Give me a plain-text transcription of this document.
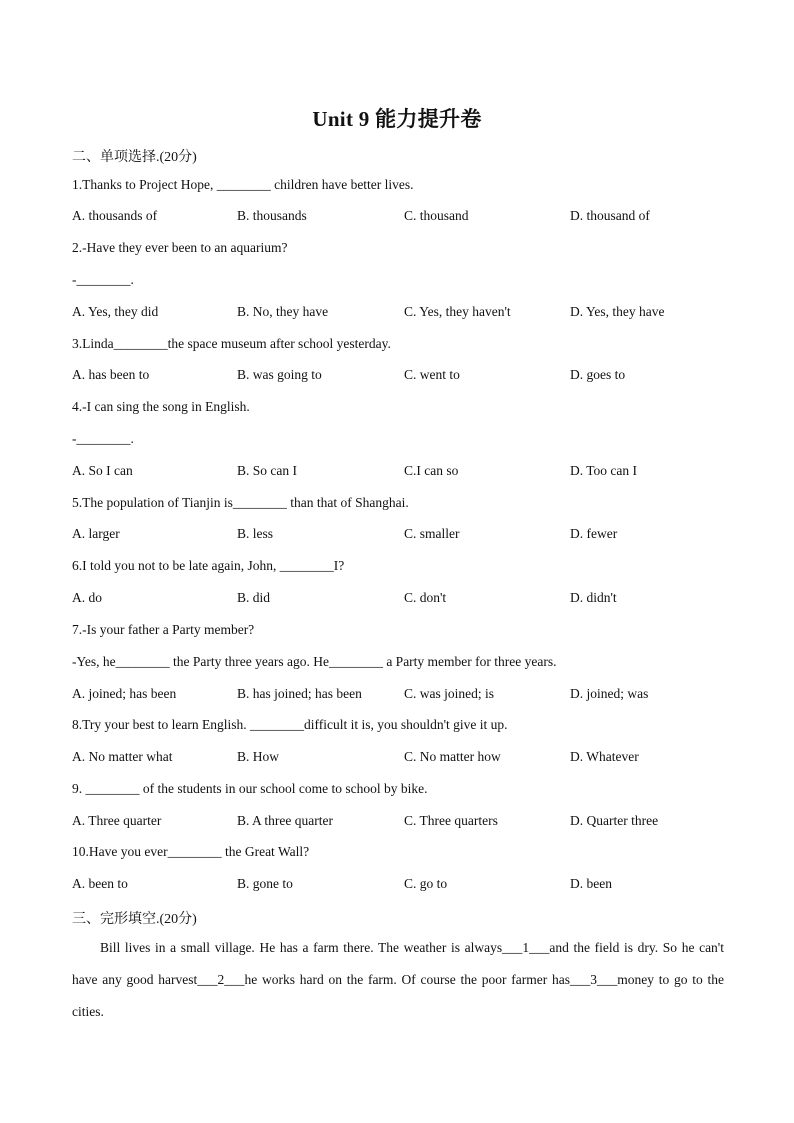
Unit 9 能力提升卷
二、单项选择.(20分)
1.Thanks to Project Hope, ________ children have better lives.
A. thousands of	B. thousands	C. thousand	D. thousand of
2.-Have they ever been to an aquarium?
-________.
A. Yes, they did	B. No, they have	C. Yes, they haven't	D. Yes, they have
3.Linda________the space museum after school yesterday.
A. has been to	B. was going to	C. went to	D. goes to
4.-I can sing the song in English.
-________.
A. So I can	B. So can I	C.I can so	D. Too can I
5.The population of Tianjin is________ than that of Shanghai.
A. larger	B. less	C. smaller	D. fewer
6.I told you not to be late again, John, ________I?
A. do	B. did	C. don't	D. didn't
7.-Is your father a Party member?
-Yes, he________ the Party three years ago. He________ a Party member for three years.
A. joined; has been	B. has joined; has been	C. was joined; is	D. joined; was
8.Try your best to learn English. ________difficult it is, you shouldn't give it up.
A. No matter what	B. How	C. No matter how	D. Whatever
9. ________ of the students in our school come to school by bike.
A. Three quarter	B. A three quarter	C. Three quarters	D. Quarter three
10.Have you ever________ the Great Wall?
A. been to	B. gone to	C. go to	D. been
三、完形填空.(20分)
Bill lives in a small village. He has a farm there. The weather is always___1___and the field is dry. So he can't have any good harvest___2___he works hard on the farm. Of course the poor farmer has___3___money to go to the cities.
